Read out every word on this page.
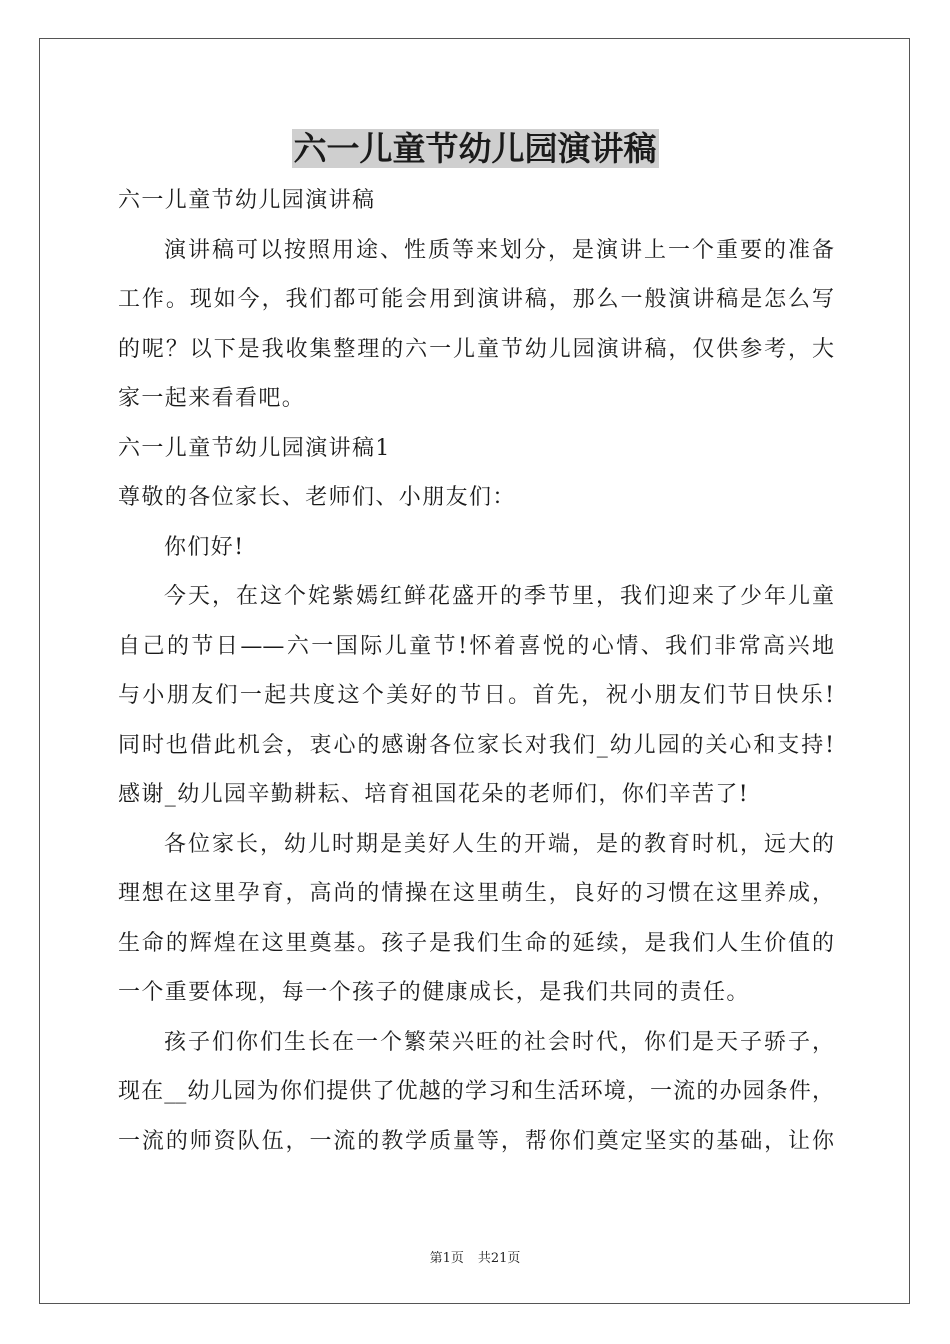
六一儿童节幼儿园演讲稿
六一儿童节幼儿园演讲稿
演讲稿可以按照用途、性质等来划分，是演讲上一个重要的准备
工作。现如今，我们都可能会用到演讲稿，那么一般演讲稿是怎么写
的呢？以下是我收集整理的六一儿童节幼儿园演讲稿，仅供参考，大
家一起来看看吧。
六一儿童节幼儿园演讲稿1
尊敬的各位家长、老师们、小朋友们：
你们好!
今天，在这个姹紫嫣红鲜花盛开的季节里，我们迎来了少年儿童
自己的节日——六一国际儿童节!怀着喜悦的心情、我们非常高兴地
与小朋友们一起共度这个美好的节日。首先，祝小朋友们节日快乐!
同时也借此机会，衷心的感谢各位家长对我们_幼儿园的关心和支持!
感谢_幼儿园辛勤耕耘、培育祖国花朵的老师们，你们辛苦了!
各位家长，幼儿时期是美好人生的开端，是的教育时机，远大的
理想在这里孕育，高尚的情操在这里萌生，良好的习惯在这里养成，
生命的辉煌在这里奠基。孩子是我们生命的延续，是我们人生价值的
一个重要体现，每一个孩子的健康成长，是我们共同的责任。
孩子们你们生长在一个繁荣兴旺的社会时代，你们是天子骄子，
现在__幼儿园为你们提供了优越的学习和生活环境，一流的办园条件，
一流的师资队伍，一流的教学质量等，帮你们奠定坚实的基础，让你
第1页 共21页
